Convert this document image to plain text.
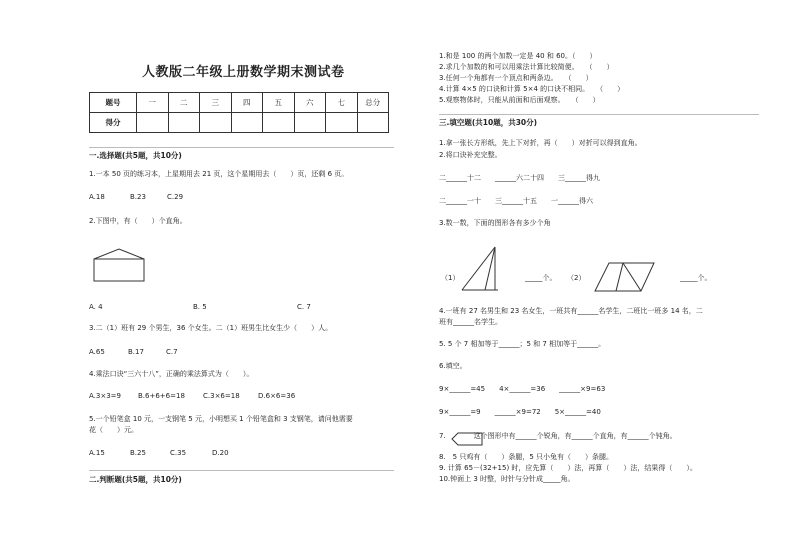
人教版二年级上册数学期末测试卷
题号	一	二	三	四	五	六	七	总分
得分								
一.选择题(共5题，共10分)
1.一本 50 页的练习本，上星期用去 21 页，这个星期用去（　　）页，还剩 6 页。
A.18	B.23	C.29
2.下图中，有（　　）个直角。
A. 4	B. 5	C. 7
3.二（1）班有 29 个男生，36 个女生。二（1）班男生比女生少（　　）人。
A.65	B.17	C.7
4.乘法口诀“三六十八”，正确的乘法算式为（　　）。
A.3×3=9 B.6+6+6=18	C.3×6=18	D.6×6=36
5.一个铅笔盒 10 元，一支钢笔 5 元，小明想买 1 个铅笔盒和 3 支钢笔，请问他需要
花（　　）元。
A.15	B.25	C.35	D.20
二.判断题(共5题，共10分)
1.和是 100 的两个加数一定是 40 和 60。（　　）
2.求几个加数的和可以用乘法计算比较简便。　　（　　）
3.任何一个角都有一个顶点和两条边。　　（　　）
4.计算 4×5 的口诀和计算 5×4 的口诀不相同。　　（　　）
5.观察物体时，只能从前面和后面观察。　　（　　）
三.填空题(共10题，共30分)
1.拿一张长方形纸，先上下对折，再（　　）对折可以得到直角。
2.将口诀补充完整。
二______十二　　______六二十四　　三______得九
二______一十　　三______十五　　一______得六
3.数一数，下面的图形各有多少个角
（1）	_____个。 （2）	_____个。
4.一班有 27 名男生和 23 名女生，一班共有______名学生，二班比一班多 14 名，二
班有______名学生。
5. 5 个 7 相加等于______；5 和 7 相加等于______。
6.填空。
9×______=45　　4×______=36　　______×9=63
9×______=9　　______×9=72　　5×______=40
7.　　　　这个图形中有______个锐角，有______个直角，有______个钝角。
8.　5 只鸡有（　　）条腿，5 只小兔有（　　）条腿。
9. 计算 65－(32+15) 时，应先算（　　）法，再算（　　）法，结果得（　　）。
10.钟面上 3 时整，时针与分针成_____角。
